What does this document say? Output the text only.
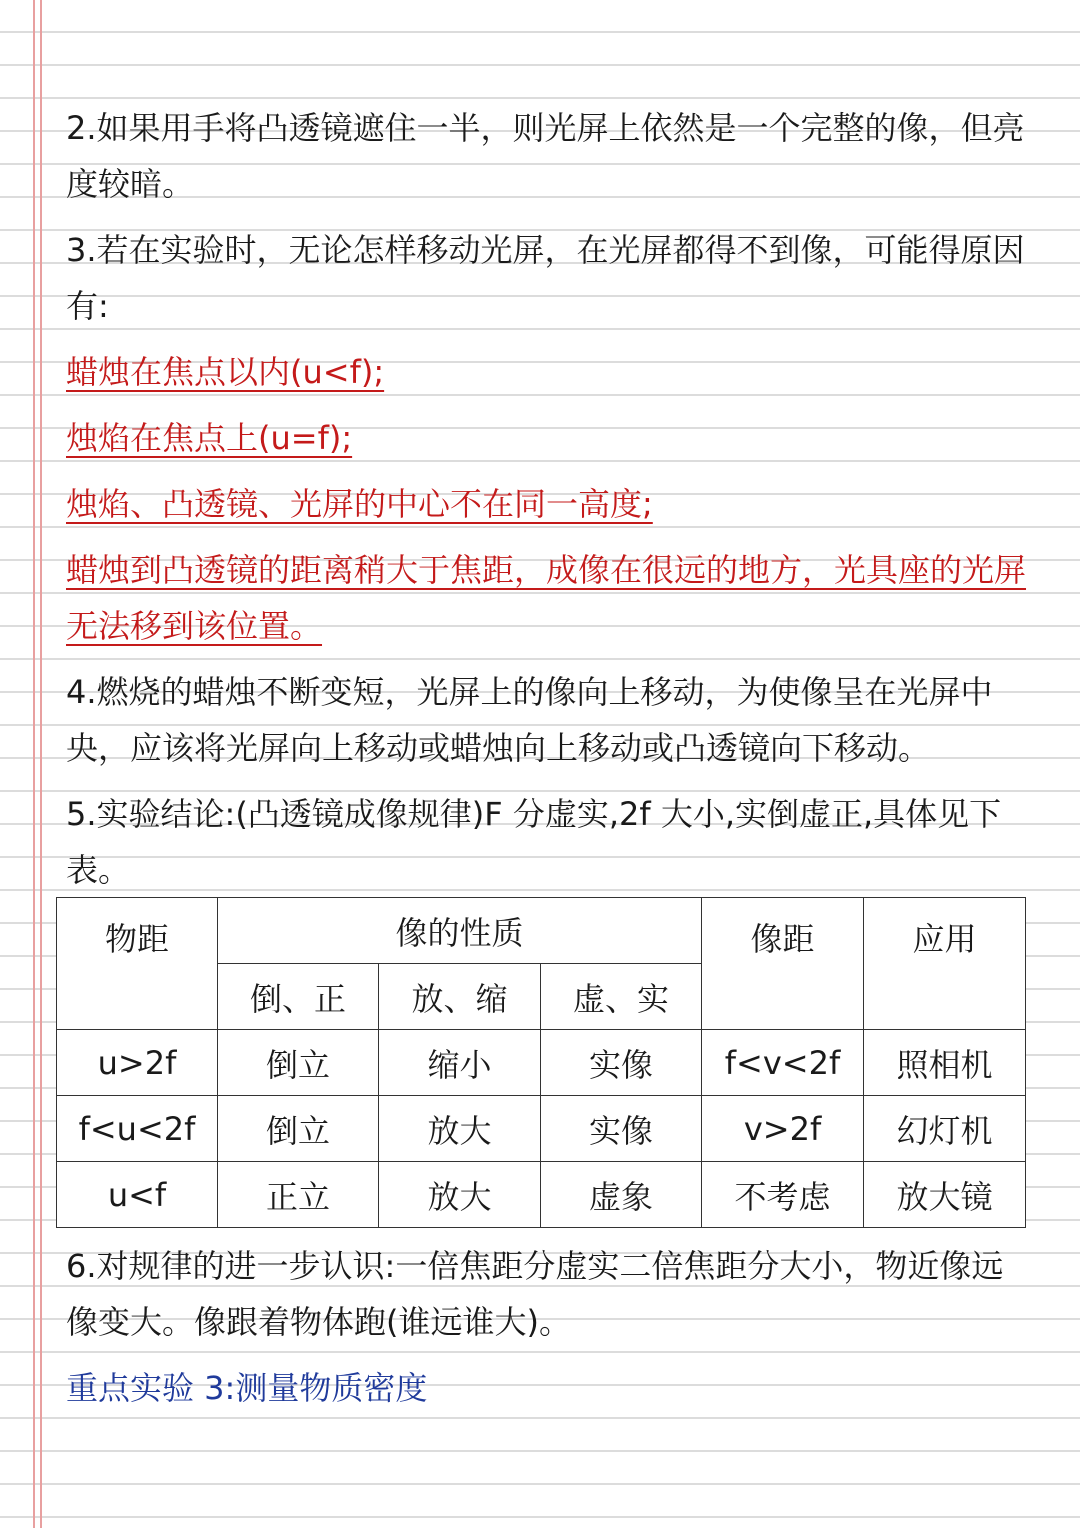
2.如果用手将凸透镜遮住一半，则光屏上依然是一个完整的像，但亮度较暗。

3.若在实验时，无论怎样移动光屏，在光屏都得不到像，可能得原因有:

蜡烛在焦点以内(u<f);

烛焰在焦点上(u=f);

烛焰、凸透镜、光屏的中心不在同一高度;

蜡烛到凸透镜的距离稍大于焦距，成像在很远的地方，光具座的光屏无法移到该位置。

4.燃烧的蜡烛不断变短，光屏上的像向上移动，为使像呈在光屏中央，应该将光屏向上移动或蜡烛向上移动或凸透镜向下移动。

5.实验结论:(凸透镜成像规律)F 分虚实,2f 大小,实倒虚正,具体见下表。

物距	像的性质			像距	应用
	倒、正	放、缩	虚、实		
u>2f	倒立	缩小	实像	f<v<2f	照相机
f<u<2f	倒立	放大	实像	v>2f	幻灯机
u<f	正立	放大	虚象	不考虑	放大镜

6.对规律的进一步认识:一倍焦距分虚实二倍焦距分大小，物近像远像变大。像跟着物体跑(谁远谁大)。

重点实验 3:测量物质密度
